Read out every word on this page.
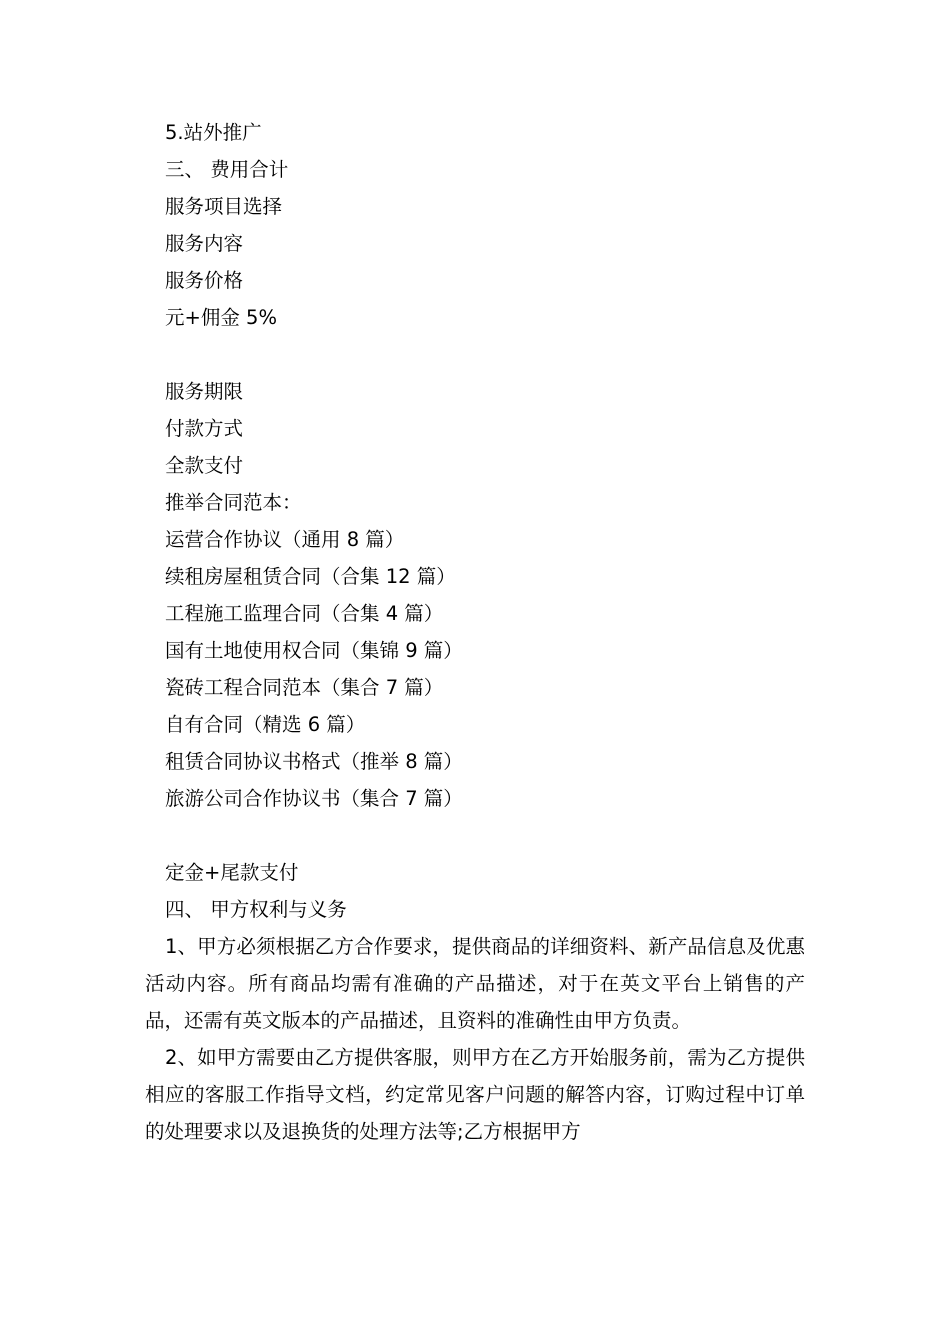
5.站外推广
三、 费用合计
服务项目选择
服务内容
服务价格
元+佣金 5%
服务期限
付款方式
全款支付
推举合同范本：
运营合作协议（通用 8 篇）
续租房屋租赁合同（合集 12 篇）
工程施工监理合同（合集 4 篇）
国有土地使用权合同（集锦 9 篇）
瓷砖工程合同范本（集合 7 篇）
自有合同（精选 6 篇）
租赁合同协议书格式（推举 8 篇）
旅游公司合作协议书（集合 7 篇）
定金+尾款支付
四、 甲方权利与义务

1、甲方必须根据乙方合作要求，提供商品的详细资料、新产品信息及优惠活动内容。所有商品均需有准确的产品描述，对于在英文平台上销售的产品，还需有英文版本的产品描述，且资料的准确性由甲方负责。

2、如甲方需要由乙方提供客服，则甲方在乙方开始服务前，需为乙方提供相应的客服工作指导文档，约定常见客户问题的解答内容，订购过程中订单的处理要求以及退换货的处理方法等;乙方根据甲方
